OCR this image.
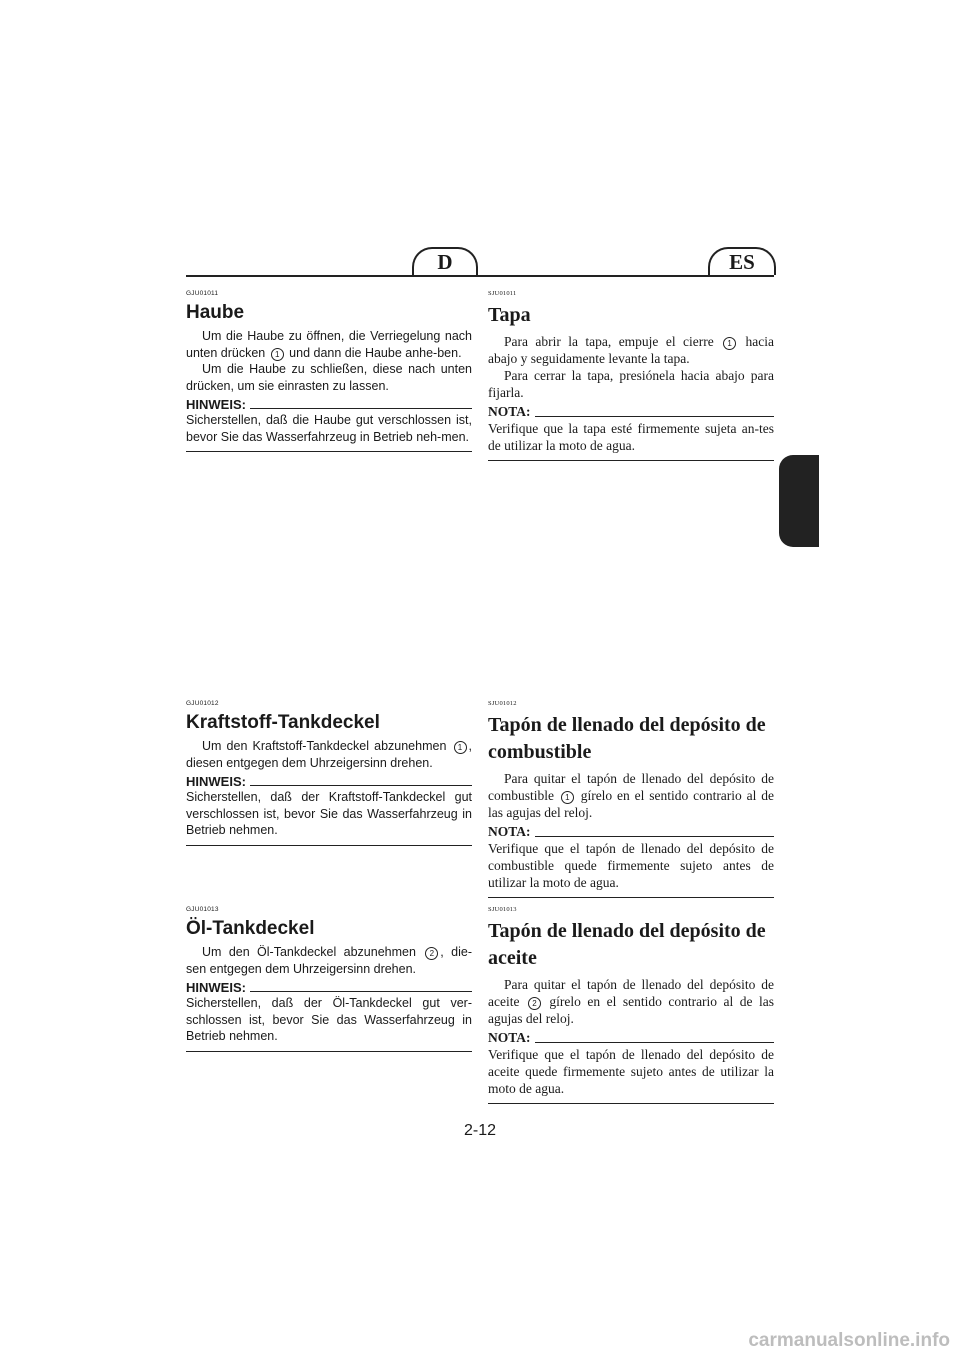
D	ES
GJU01011
Haube

Um die Haube zu öffnen, die Verriegelung nach unten drücken 1 und dann die Haube anhe-ben.

Um die Haube zu schließen, diese nach unten drücken, um sie einrasten zu lassen.

HINWEIS:

Sicherstellen, daß die Haube gut verschlossen ist, bevor Sie das Wasserfahrzeug in Betrieb neh-men.

SJU01011
Tapa

Para abrir la tapa, empuje el cierre 1 hacia abajo y seguidamente levante la tapa.

Para cerrar la tapa, presiónela hacia abajo para fijarla.

NOTA:

Verifique que la tapa esté firmemente sujeta an-tes de utilizar la moto de agua.

GJU01012
Kraftstoff-Tankdeckel

Um den Kraftstoff-Tankdeckel abzunehmen 1 , diesen entgegen dem Uhrzeigersinn drehen.

HINWEIS:

Sicherstellen, daß der Kraftstoff-Tankdeckel gut verschlossen ist, bevor Sie das Wasserfahrzeug in Betrieb nehmen.

SJU01012
Tapón de llenado del depósito de combustible

Para quitar el tapón de llenado del depósito de combustible 1 gírelo en el sentido contrario al de las agujas del reloj.

NOTA:

Verifique que el tapón de llenado del depósito de combustible quede firmemente sujeto antes de utilizar la moto de agua.

GJU01013
Öl-Tankdeckel

Um den Öl-Tankdeckel abzunehmen 2 , die-sen entgegen dem Uhrzeigersinn drehen.

HINWEIS:

Sicherstellen, daß der Öl-Tankdeckel gut ver-schlossen ist, bevor Sie das Wasserfahrzeug in Betrieb nehmen.

SJU01013
Tapón de llenado del depósito de aceite

Para quitar el tapón de llenado del depósito de aceite 2 gírelo en el sentido contrario al de las agujas del reloj.

NOTA:

Verifique que el tapón de llenado del depósito de aceite quede firmemente sujeto antes de utilizar la moto de agua.

2-12
carmanualsonline.info
